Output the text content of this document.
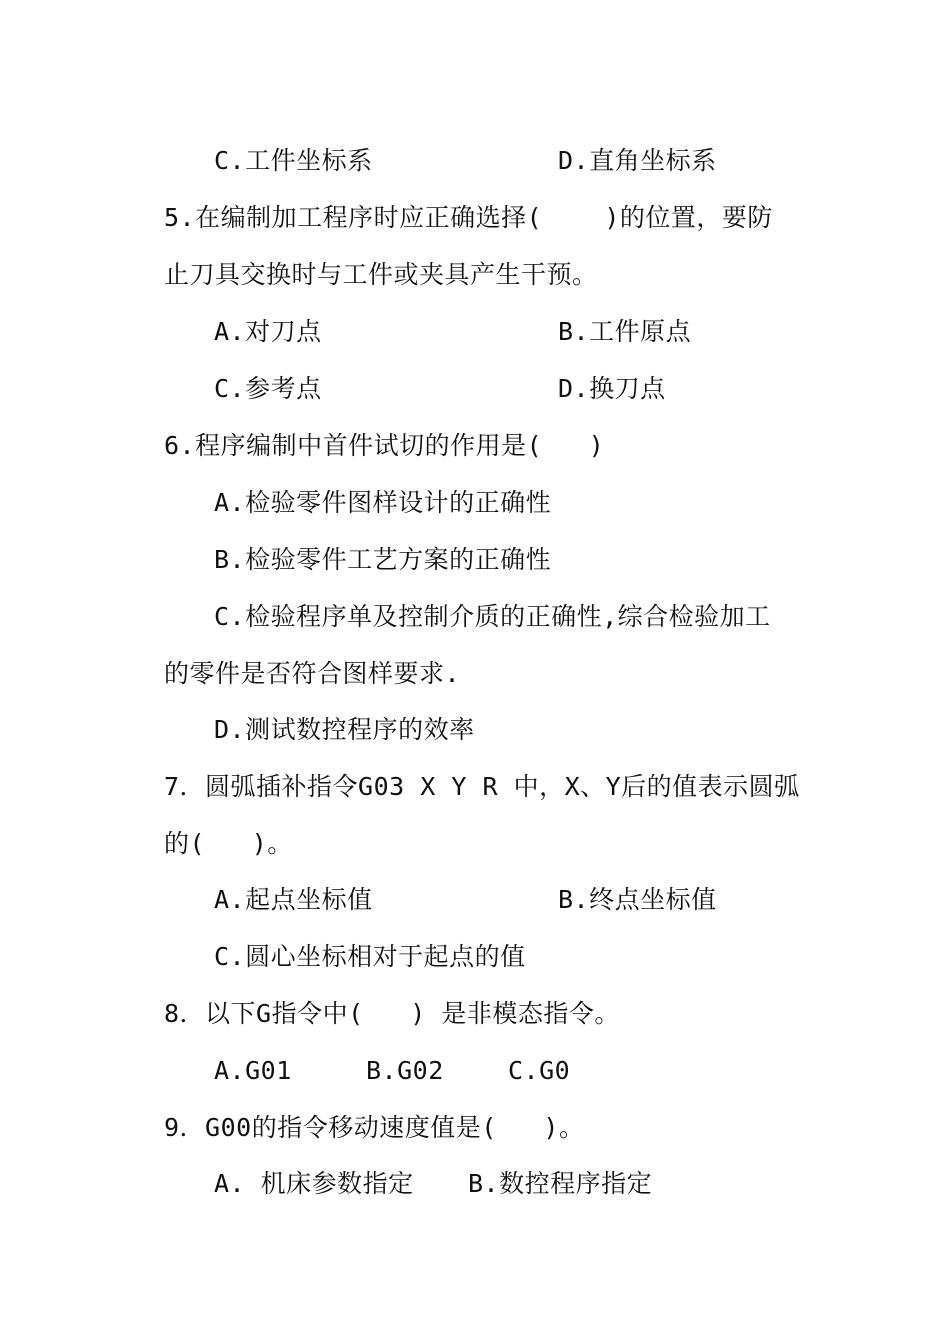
C.工件坐标系	D.直角坐标系
5.在编制加工程序时应正确选择(    )的位置，要防
止刀具交换时与工件或夹具产生干预。
A.对刀点	B.工件原点
C.参考点	D.换刀点
6.程序编制中首件试切的作用是(   )
A.检验零件图样设计的正确性
B.检验零件工艺方案的正确性
C.检验程序单及控制介质的正确性,综合检验加工
的零件是否符合图样要求.
D.测试数控程序的效率
7．圆弧插补指令G03 X Y R 中，X、Y后的值表示圆弧
的(   )。
A.起点坐标值	B.终点坐标值
C.圆心坐标相对于起点的值
8．以下G指令中(   ) 是非模态指令。
A.G01	B.G02	C.G0
9．G00的指令移动速度值是(   )。
A. 机床参数指定 B.数控程序指定
